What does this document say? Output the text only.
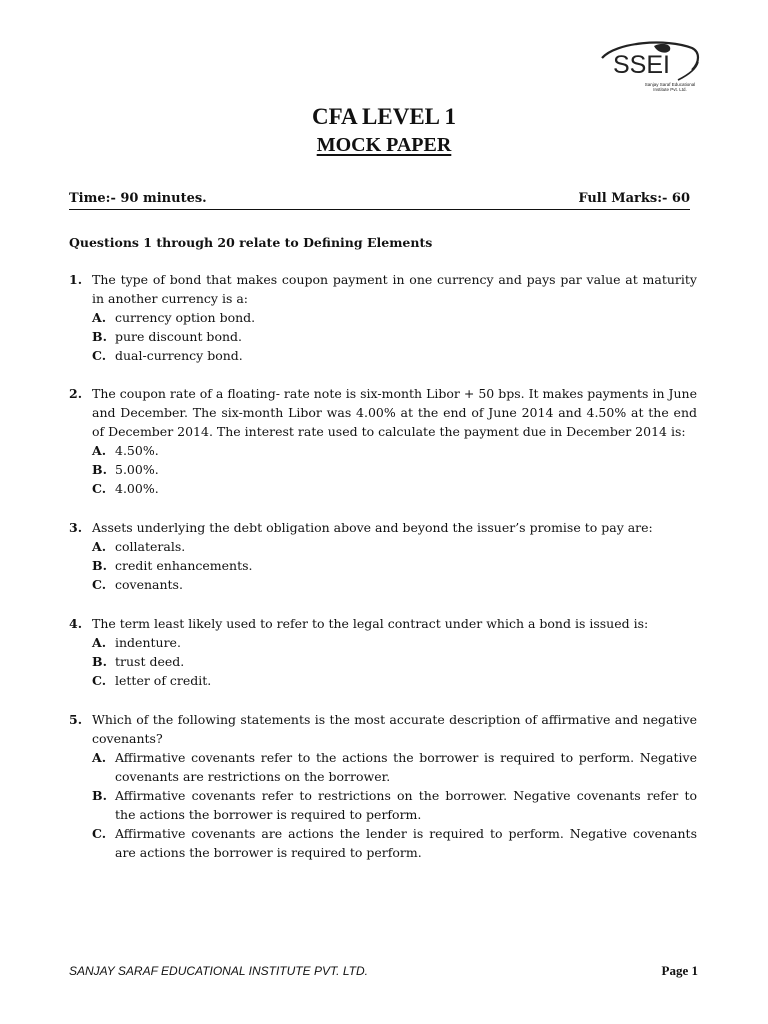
SSEI
Sanjay Saraf Educational Institute Pvt. Ltd.
CFA LEVEL 1
MOCK PAPER
Time:- 90 minutes.	Full Marks:- 60
Questions 1 through 20 relate to Defining Elements
1. The type of bond that makes coupon payment in one currency and pays par value at maturity in another currency is a:
A. currency option bond.
B. pure discount bond.
C. dual-currency bond.
2. The coupon rate of a floating- rate note is six-month Libor + 50 bps. It makes payments in June and December. The six-month Libor was 4.00% at the end of June 2014 and 4.50% at the end of December 2014. The interest rate used to calculate the payment due in December 2014 is:
A. 4.50%.
B. 5.00%.
C. 4.00%.
3. Assets underlying the debt obligation above and beyond the issuer’s promise to pay are:
A. collaterals.
B. credit enhancements.
C. covenants.
4. The term least likely used to refer to the legal contract under which a bond is issued is:
A. indenture.
B. trust deed.
C. letter of credit.
5. Which of the following statements is the most accurate description of affirmative and negative covenants?
A. Affirmative covenants refer to the actions the borrower is required to perform. Negative covenants are restrictions on the borrower.
B. Affirmative covenants refer to restrictions on the borrower. Negative covenants refer to the actions the borrower is required to perform.
C. Affirmative covenants are actions the lender is required to perform. Negative covenants are actions the borrower is required to perform.
SANJAY SARAF EDUCATIONAL INSTITUTE PVT. LTD.	Page 1
